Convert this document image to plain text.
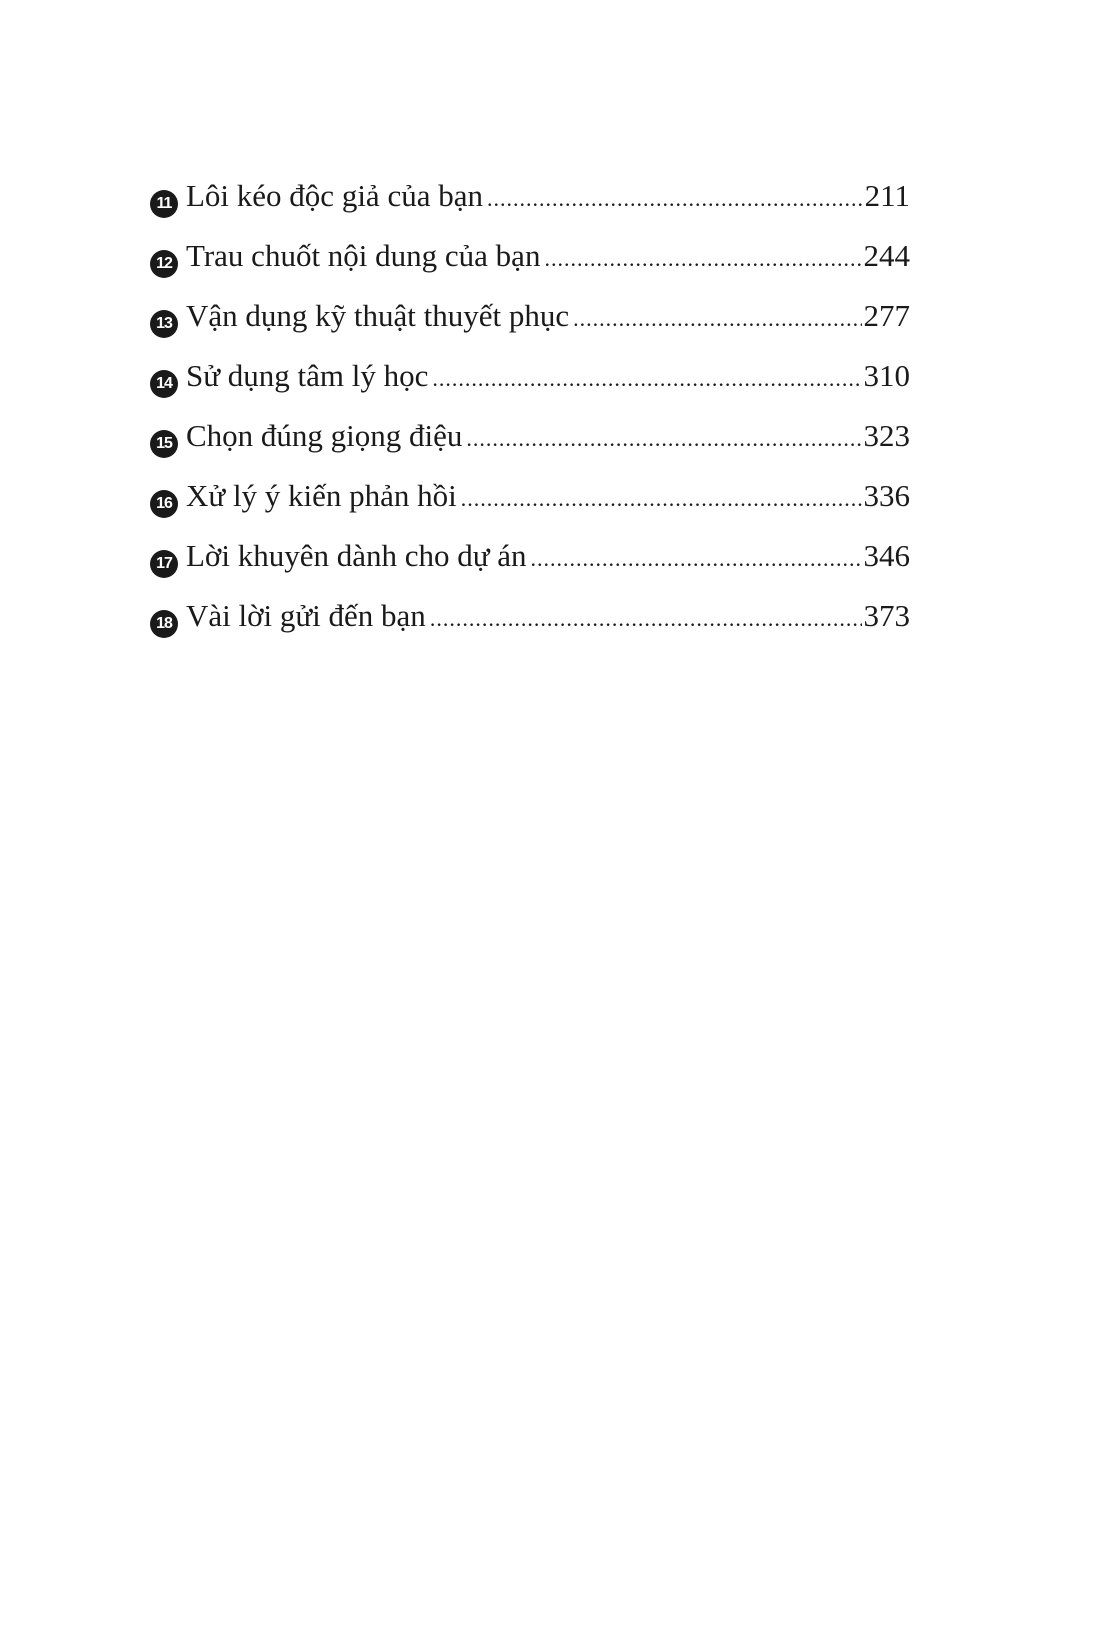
11 Lôi kéo độc giả của bạn .....	211
12 Trau chuốt nội dung của bạn .....	244
13 Vận dụng kỹ thuật thuyết phục .....	277
14 Sử dụng tâm lý học .....	310
15 Chọn đúng giọng điệu .....	323
16 Xử lý ý kiến phản hồi .....	336
17 Lời khuyên dành cho dự án .....	346
18 Vài lời gửi đến bạn .....	373
